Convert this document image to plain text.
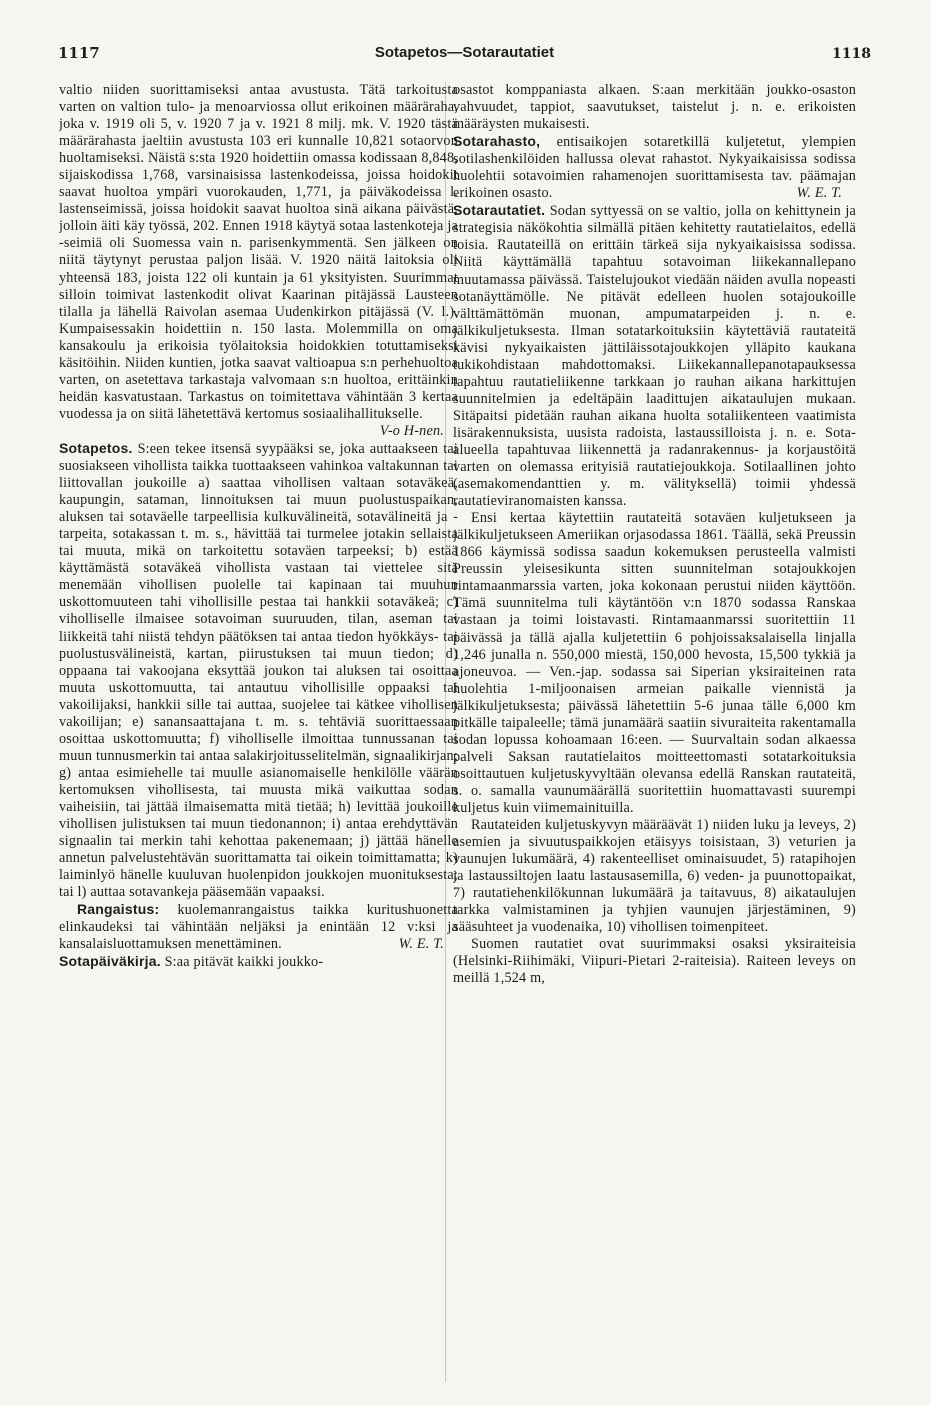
1117	Sotapetos—Sotarautatiet	1118

valtio niiden suorittamiseksi antaa avustusta. Tätä tarkoitusta varten on valtion tulo- ja menoarviossa ollut erikoinen määräraha, joka v. 1919 oli 5, v. 1920 7 ja v. 1921 8 milj. mk. V. 1920 tästä määrärahasta jaeltiin avustusta 103 eri kunnalle 10,821 sotaorvon huoltamiseksi. Näistä s:sta 1920 hoidettiin omassa kodissaan 8,848, sijaiskodissa 1,768, varsinaisissa lastenkodeissa, joissa hoidokit saavat huoltoa ympäri vuorokauden, 1,771, ja päiväkodeissa l. lastenseimissä, joissa hoidokit saavat huoltoa sinä aikana päivästä, jolloin äiti käy työssä, 202. Ennen 1918 käytyä sotaa lastenkoteja ja -seimiä oli Suomessa vain n. parisenkymmentä. Sen jälkeen on niitä täytynyt perustaa paljon lisää. V. 1920 näitä laitoksia oli yhteensä 183, joista 122 oli kuntain ja 61 yksityisten. Suurimmat silloin toimivat lastenkodit olivat Kaarinan pitäjässä Lausteen tilalla ja lähellä Raivolan asemaa Uudenkirkon pitäjässä (V. l.). Kumpaisessakin hoidettiin n. 150 lasta. Molemmilla on oma kansakoulu ja erikoisia työlaitoksia hoidokkien totuttamiseksi käsitöihin. Niiden kuntien, jotka saavat valtioapua s:n perhehuoltoa varten, on asetettava tarkastaja valvomaan s:n huoltoa, erittäinkin heidän kasvatustaan. Tarkastus on toimitettava vähintään 3 kertaa vuodessa ja on siitä lähetettävä kertomus sosiaalihallitukselle.
V-o H-nen.

Sotapetos. S:een tekee itsensä syypääksi se, joka auttaakseen tai suosiakseen vihollista taikka tuottaakseen vahinkoa valtakunnan tai liittovallan joukoille a) saattaa vihollisen valtaan sotaväkeä, kaupungin, sataman, linnoituksen tai muun puolustuspaikan, aluksen tai sotaväelle tarpeellisia kulkuvälineitä, sotavälineitä ja -tarpeita, sotakassan t. m. s., hävittää tai turmelee jotakin sellaista tai muuta, mikä on tarkoitettu sotaväen tarpeeksi; b) estää käyttämästä sotaväkeä vihollista vastaan tai viettelee sitä menemään vihollisen puolelle tai kapinaan tai muuhun uskottomuuteen tahi vihollisille pestaa tai hankkii sotaväkeä; c) viholliselle ilmaisee sotavoiman suuruuden, tilan, aseman tai liikkeitä tahi niistä tehdyn päätöksen tai antaa tiedon hyökkäys- tai puolustusvälineistä, kartan, piirustuksen tai muun tiedon; d) oppaana tai vakoojana eksyttää joukon tai aluksen tai osoittaa muuta uskottomuutta, tai antautuu vihollisille oppaaksi tai vakoilijaksi, hankkii sille tai auttaa, suojelee tai kätkee vihollisen vakoilijan; e) sanansaattajana t. m. s. tehtäviä suorittaessaan osoittaa uskottomuutta; f) viholliselle ilmoittaa tunnussanan tai muun tunnusmerkin tai antaa salakirjoitusselitelmän, signaalikirjan; g) antaa esimiehelle tai muulle asianomaiselle henkilölle väärän kertomuksen vihollisesta, tai muusta mikä vaikuttaa sodan vaiheisiin, tai jättää ilmaisematta mitä tietää; h) levittää joukoille vihollisen julistuksen tai muun tiedonannon; i) antaa erehdyttävän signaalin tai merkin tahi kehottaa pakenemaan; j) jättää hänelle annetun palvelustehtävän suorittamatta tai oikein toimittamatta; k) laiminlyö hänelle kuuluvan huolenpidon joukkojen muonituksesta; tai l) auttaa sotavankeja pääsemään vapaaksi.

Rangaistus: kuolemanrangaistus taikka kuritushuonetta elinkaudeksi tai vähintään neljäksi ja enintään 12 v:ksi ja kansalaisluottamuksen menettäminen.	W. E. T.

Sotapäiväkirja. S:aa pitävät kaikki joukko-

osastot komppaniasta alkaen. S:aan merkitään joukko-osaston vahvuudet, tappiot, saavutukset, taistelut j. n. e. erikoisten määräysten mukaisesti.

Sotarahasto, entisaikojen sotaretkillä kuljetetut, ylempien sotilashenkilöiden hallussa olevat rahastot. Nykyaikaisissa sodissa huolehtii sotavoimien rahamenojen suorittamisesta tav. päämajan erikoinen osasto.	W. E. T.

Sotarautatiet. Sodan syttyessä on se valtio, jolla on kehittynein ja strategisia näkökohtia silmällä pitäen kehitetty rautatielaitos, edellä toisia. Rautateillä on erittäin tärkeä sija nykyaikaisissa sodissa. Niitä käyttämällä tapahtuu sotavoiman liikekannallepano muutamassa päivässä. Taistelujoukot viedään näiden avulla nopeasti sotanäyttämölle. Ne pitävät edelleen huolen sotajoukoille välttämättömän muonan, ampumatarpeiden j. n. e. jälkikuljetuksesta. Ilman sotatarkoituksiin käytettäviä rautateitä kävisi nykyaikaisten jättiläissotajoukkojen ylläpito kaukana tukikohdistaan mahdottomaksi. Liikekannallepanotapauksessa tapahtuu rautatieliikenne tarkkaan jo rauhan aikana harkittujen suunnitelmien ja edeltäpäin laadittujen aikataulujen mukaan. Sitäpaitsi pidetään rauhan aikana huolta sotaliikenteen vaatimista lisärakennuksista, uusista radoista, lastaussilloista j. n. e. Sota-alueella tapahtuvaa liikennettä ja radanrakennus- ja korjaustöitä varten on olemassa erityisiä rautatiejoukkoja. Sotilaallinen johto (asemakomendanttien y. m. välityksellä) toimii yhdessä rautatieviranomaisten kanssa.

Ensi kertaa käytettiin rautateitä sotaväen kuljetukseen ja jälkikuljetukseen Ameriikan orjasodassa 1861. Täällä, sekä Preussin 1866 käymissä sodissa saadun kokemuksen perusteella valmisti Preussin yleisesikunta sitten suunnitelman sotajoukkojen rintamaanmarssia varten, joka kokonaan perustui niiden käyttöön. Tämä suunnitelma tuli käytäntöön v:n 1870 sodassa Ranskaa vastaan ja toimi loistavasti. Rintamaanmarssi suoritettiin 11 päivässä ja tällä ajalla kuljetettiin 6 pohjoissaksalaisella linjalla 1,246 junalla n. 550,000 miestä, 150,000 hevosta, 15,500 tykkiä ja ajoneuvoa. — Ven.-jap. sodassa sai Siperian yksiraiteinen rata huolehtia 1-miljoonaisen armeian paikalle viennistä ja jälkikuljetuksesta; päivässä lähetettiin 5-6 junaa tälle 6,000 km pitkälle taipaleelle; tämä junamäärä saatiin sivuraiteita rakentamalla sodan lopussa kohoamaan 16:een. — Suurvaltain sodan alkaessa palveli Saksan rautatielaitos moitteettomasti sotatarkoituksia osoittautuen kuljetuskyvyltään olevansa edellä Ranskan rautateitä, s. o. samalla vaunumäärällä suoritettiin huomattavasti suurempi kuljetus kuin viimemainituilla.

Rautateiden kuljetuskyvyn määräävät 1) niiden luku ja leveys, 2) asemien ja sivuutuspaikkojen etäisyys toisistaan, 3) veturien ja vaunujen lukumäärä, 4) rakenteelliset ominaisuudet, 5) ratapihojen ja lastaussiltojen laatu lastausasemilla, 6) veden- ja puunottopaikat, 7) rautatiehenkilökunnan lukumäärä ja taitavuus, 8) aikataulujen tarkka valmistaminen ja tyhjien vaunujen järjestäminen, 9) sääsuhteet ja vuodenaika, 10) vihollisen toimenpiteet.

Suomen rautatiet ovat suurimmaksi osaksi yksiraiteisia (Helsinki-Riihimäki, Viipuri-Pietari 2-raiteisia). Raiteen leveys on meillä 1,524 m,
